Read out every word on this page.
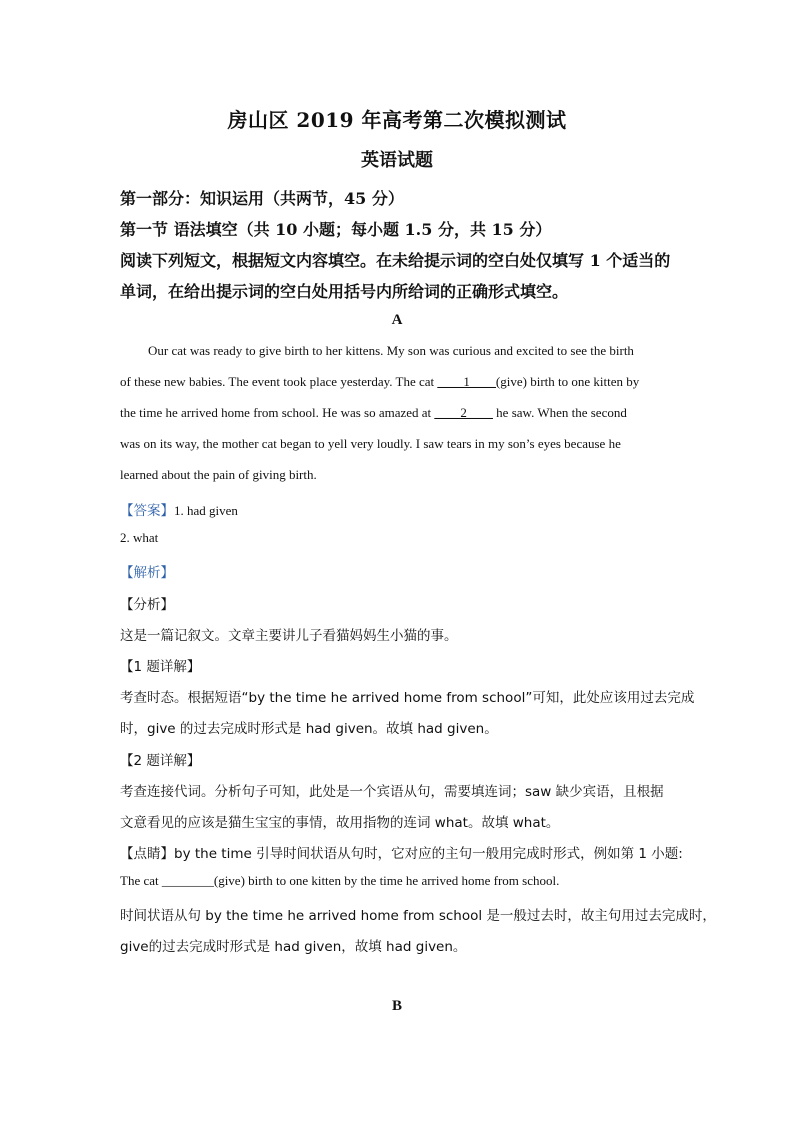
房山区 2019 年高考第二次模拟测试
英语试题
第一部分：知识运用（共两节，45 分）
第一节 语法填空（共 10 小题；每小题 1.5 分，共 15 分）
阅读下列短文，根据短文内容填空。在未给提示词的空白处仅填写 1 个适当的
单词，在给出提示词的空白处用括号内所给词的正确形式填空。
A
Our cat was ready to give birth to her kittens. My son was curious and excited to see the birth
of these new babies. The event took place yesterday. The cat ____1____(give) birth to one kitten by
the time he arrived home from school. He was so amazed at ____2____ he saw. When the second
was on its way, the mother cat began to yell very loudly. I saw tears in my son’s eyes because he
learned about the pain of giving birth.
【答案】1. had given
2. what
【解析】
【分析】
这是一篇记叙文。文章主要讲儿子看猫妈妈生小猫的事。
【1 题详解】
考查时态。根据短语“by the time he arrived home from school”可知，此处应该用过去完成
时，give 的过去完成时形式是 had given。故填 had given。
【2 题详解】
考查连接代词。分析句子可知，此处是一个宾语从句，需要填连词；saw 缺少宾语，且根据
文意看见的应该是猫生宝宝的事情，故用指物的连词 what。故填 what。
【点睛】by the time 引导时间状语从句时，它对应的主句一般用完成时形式，例如第 1 小题:
The cat ________(give) birth to one kitten by the time he arrived home from school.
时间状语从句 by the time he arrived home from school 是一般过去时，故主句用过去完成时，
give的过去完成时形式是 had given，故填 had given。
B
